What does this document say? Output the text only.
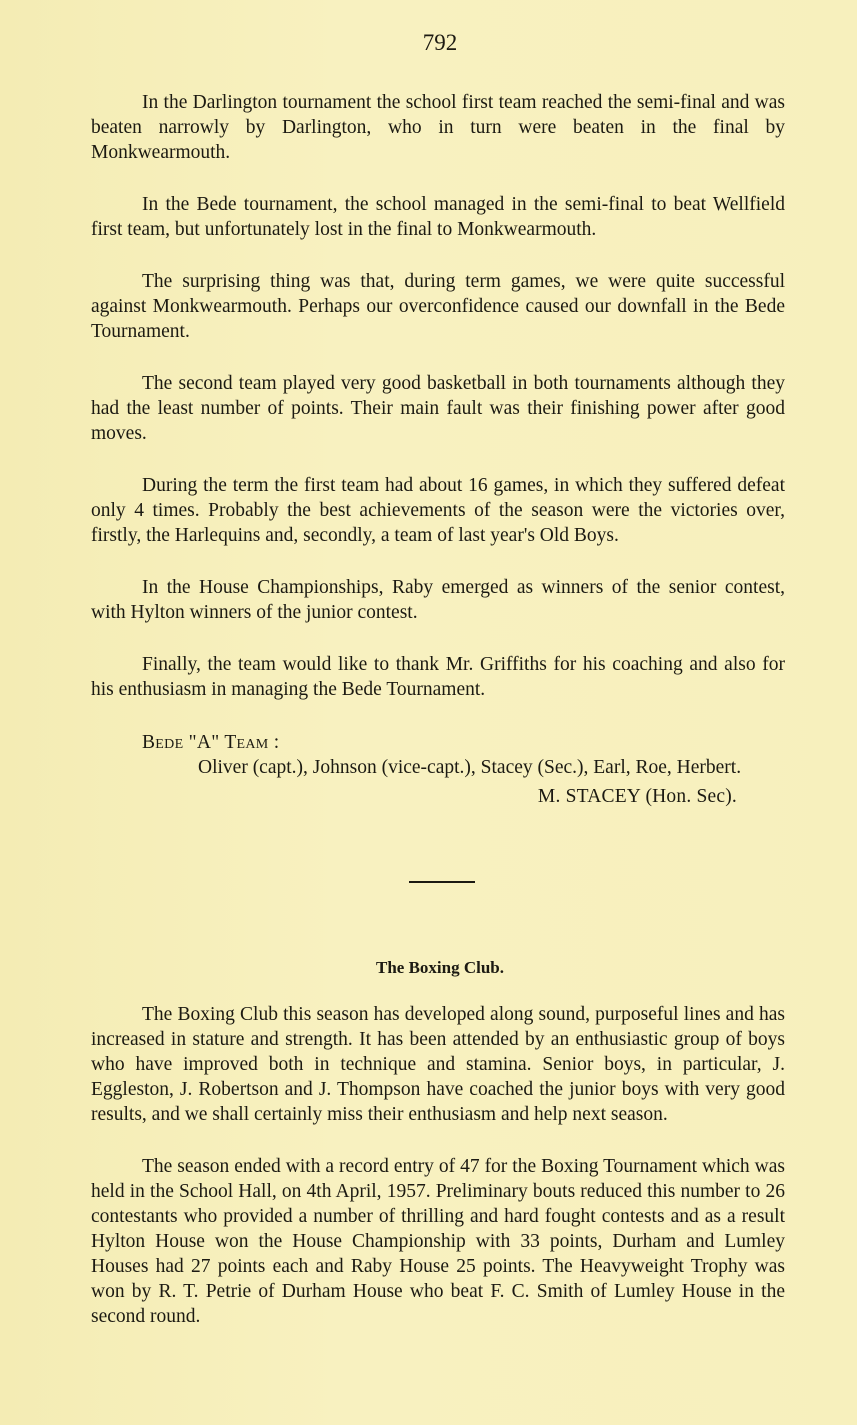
792

In the Darlington tournament the school first team reached the semi-final and was beaten narrowly by Darlington, who in turn were beaten in the final by Monkwearmouth.

In the Bede tournament, the school managed in the semi-final to beat Wellfield first team, but unfortunately lost in the final to Monkwearmouth.

The surprising thing was that, during term games, we were quite successful against Monkwearmouth. Perhaps our overconfidence caused our downfall in the Bede Tournament.

The second team played very good basketball in both tournaments although they had the least number of points. Their main fault was their finishing power after good moves.

During the term the first team had about 16 games, in which they suffered defeat only 4 times. Probably the best achievements of the season were the victories over, firstly, the Harlequins and, secondly, a team of last year's Old Boys.

In the House Championships, Raby emerged as winners of the senior contest, with Hylton winners of the junior contest.

Finally, the team would like to thank Mr. Griffiths for his coaching and also for his enthusiasm in managing the Bede Tournament.

Bede "A" Team :
Oliver (capt.), Johnson (vice-capt.), Stacey (Sec.), Earl, Roe, Herbert.
M. STACEY (Hon. Sec).
The Boxing Club.

The Boxing Club this season has developed along sound, purposeful lines and has increased in stature and strength. It has been attended by an enthusiastic group of boys who have improved both in technique and stamina. Senior boys, in particular, J. Eggleston, J. Robertson and J. Thompson have coached the junior boys with very good results, and we shall certainly miss their enthusiasm and help next season.

The season ended with a record entry of 47 for the Boxing Tournament which was held in the School Hall, on 4th April, 1957. Preliminary bouts reduced this number to 26 contestants who provided a number of thrilling and hard fought contests and as a result Hylton House won the House Championship with 33 points, Durham and Lumley Houses had 27 points each and Raby House 25 points. The Heavyweight Trophy was won by R. T. Petrie of Durham House who beat F. C. Smith of Lumley House in the second round.
